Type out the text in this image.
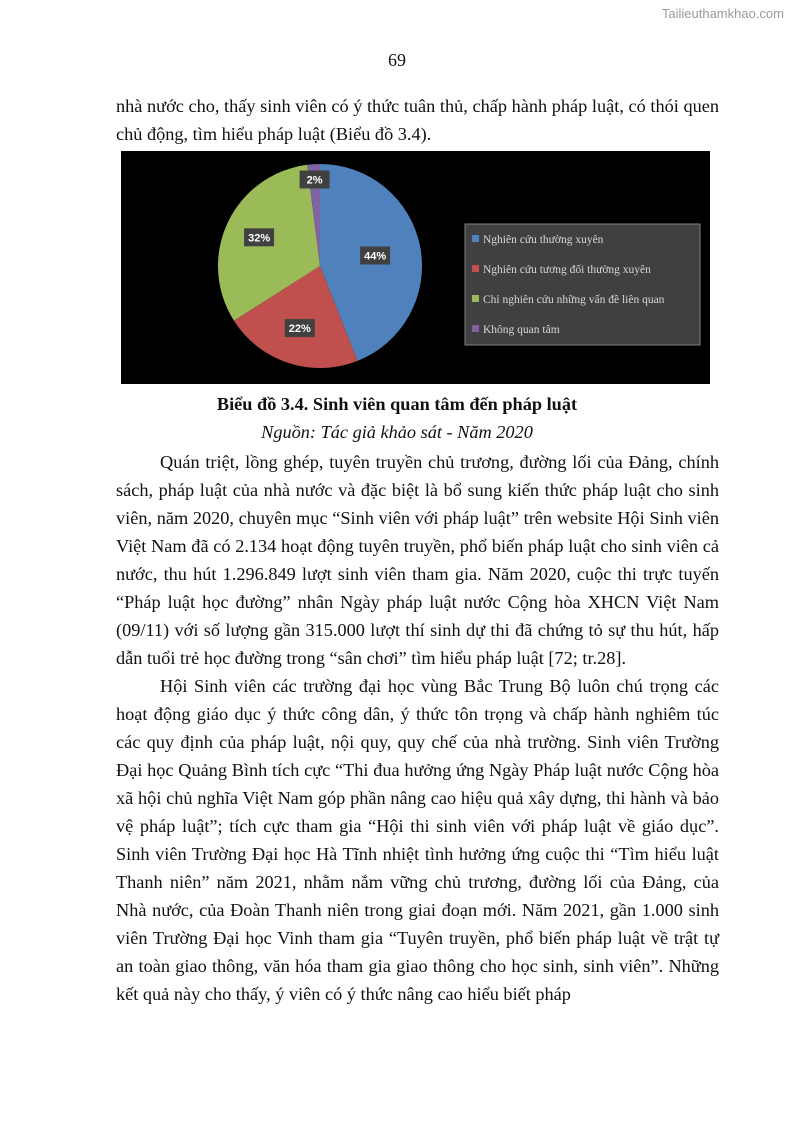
Tailieuthamkhao.com
69

nhà nước cho, thấy sinh viên có ý thức tuân thủ, chấp hành pháp luật, có thói quen chủ động, tìm hiểu pháp luật (Biểu đồ 3.4).

44%
22%
32%
2%
Nghiên cứu thường xuyên
Nghiên cứu tương đối thường xuyên
Chỉ nghiên cứu những vấn đề liên quan
Không quan tâm
Biểu đồ 3.4. Sinh viên quan tâm đến pháp luật
Nguồn: Tác giả khảo sát - Năm 2020

Quán triệt, lồng ghép, tuyên truyền chủ trương, đường lối của Đảng, chính sách, pháp luật của nhà nước và đặc biệt là bổ sung kiến thức pháp luật cho sinh viên, năm 2020, chuyên mục “Sinh viên với pháp luật” trên website Hội Sinh viên Việt Nam đã có 2.134 hoạt động tuyên truyền, phổ biến pháp luật cho sinh viên cả nước, thu hút 1.296.849 lượt sinh viên tham gia. Năm 2020, cuộc thi trực tuyến “Pháp luật học đường” nhân Ngày pháp luật nước Cộng hòa XHCN Việt Nam (09/11) với số lượng gần 315.000 lượt thí sinh dự thi đã chứng tỏ sự thu hút, hấp dẫn tuổi trẻ học đường trong “sân chơi” tìm hiểu pháp luật [72; tr.28].

Hội Sinh viên các trường đại học vùng Bắc Trung Bộ luôn chú trọng các hoạt động giáo dục ý thức công dân, ý thức tôn trọng và chấp hành nghiêm túc các quy định của pháp luật, nội quy, quy chế của nhà trường. Sinh viên Trường Đại học Quảng Bình tích cực “Thi đua hưởng ứng Ngày Pháp luật nước Cộng hòa xã hội chủ nghĩa Việt Nam góp phần nâng cao hiệu quả xây dựng, thi hành và bảo vệ pháp luật”; tích cực tham gia “Hội thi sinh viên với pháp luật về giáo dục”. Sinh viên Trường Đại học Hà Tĩnh nhiệt tình hưởng ứng cuộc thi “Tìm hiểu luật Thanh niên” năm 2021, nhằm nắm vững chủ trương, đường lối của Đảng, của Nhà nước, của Đoàn Thanh niên trong giai đoạn mới. Năm 2021, gần 1.000 sinh viên Trường Đại học Vinh tham gia “Tuyên truyền, phổ biến pháp luật về trật tự an toàn giao thông, văn hóa tham gia giao thông cho học sinh, sinh viên”. Những kết quả này cho thấy, ý viên có ý thức nâng cao hiểu biết pháp
